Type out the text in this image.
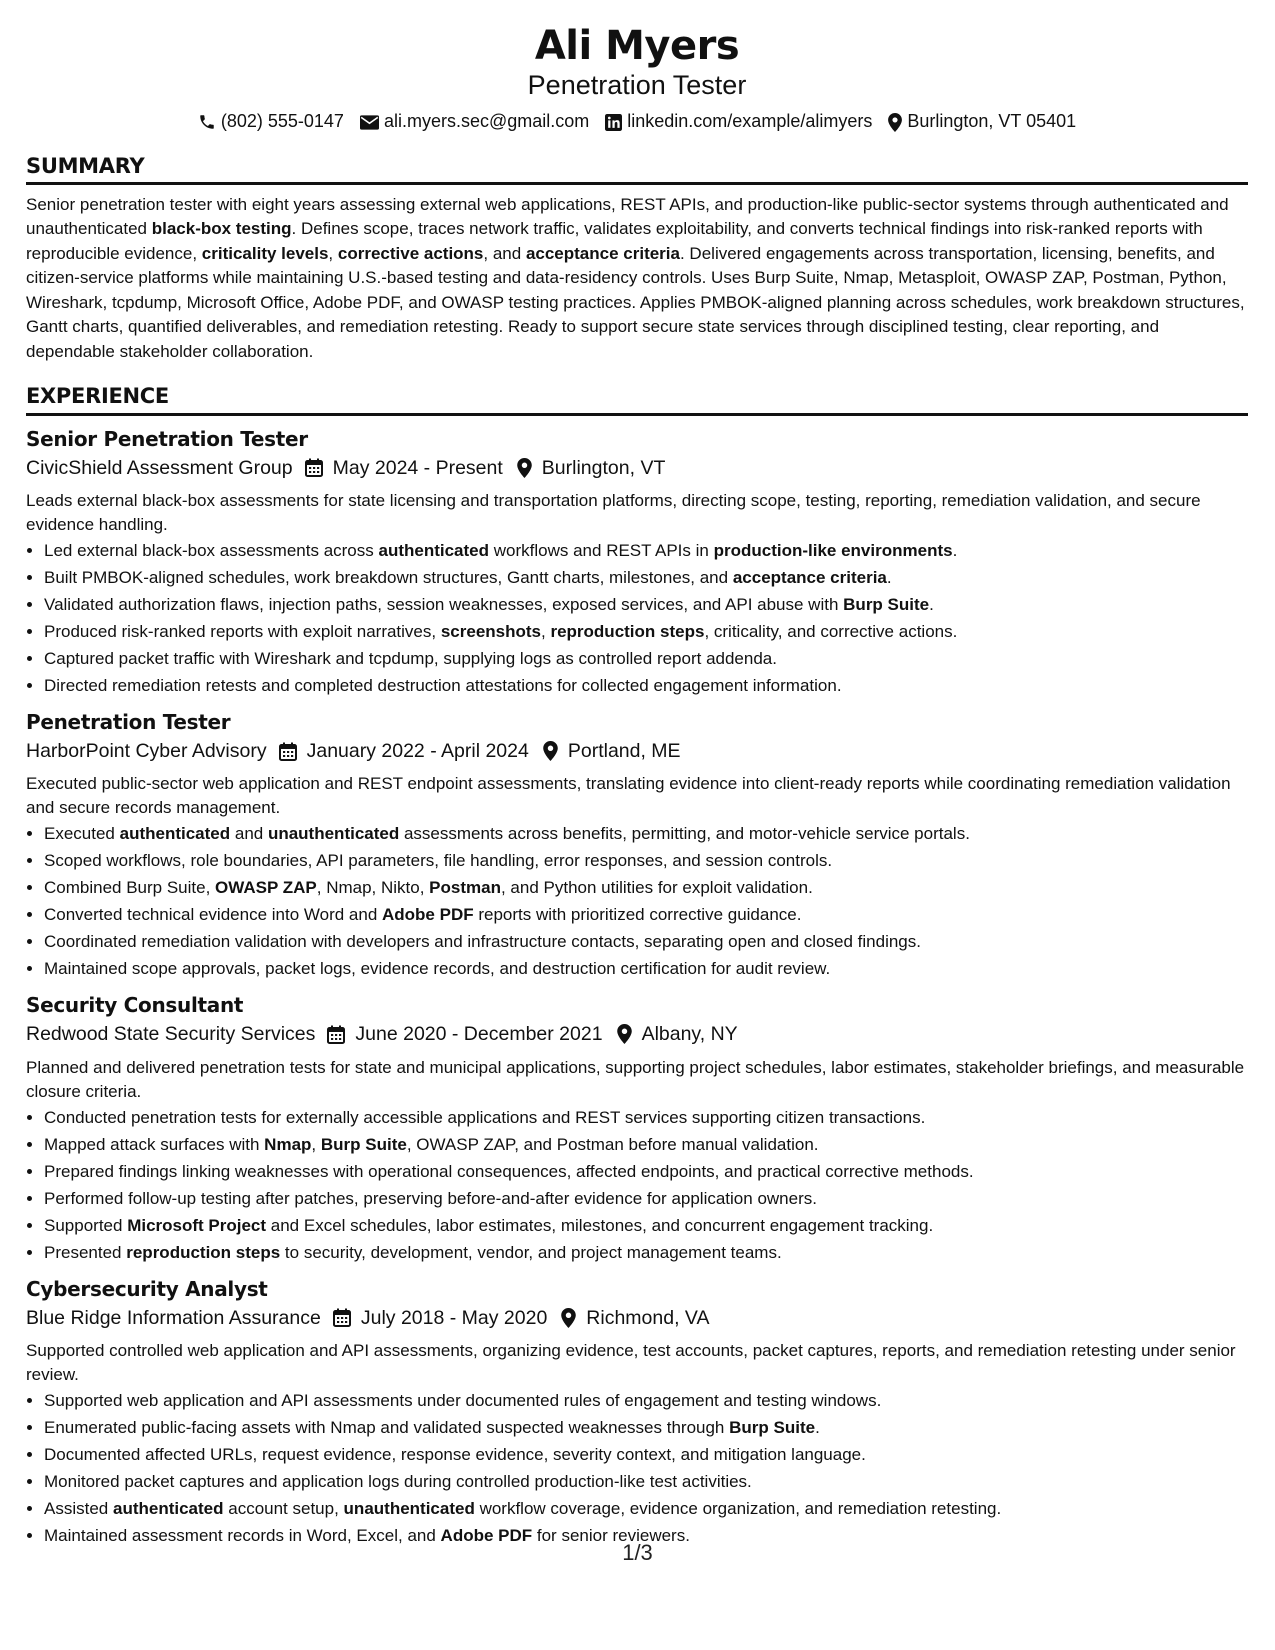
Ali Myers
Penetration Tester
(802) 555-0147 ali.myers.sec@gmail.com linkedin.com/example/alimyers Burlington, VT 05401
SUMMARY
Senior penetration tester with eight years assessing external web applications, REST APIs, and production-like public-sector systems through authenticated and unauthenticated black-box testing. Defines scope, traces network traffic, validates exploitability, and converts technical findings into risk-ranked reports with reproducible evidence, criticality levels, corrective actions, and acceptance criteria. Delivered engagements across transportation, licensing, benefits, and citizen-service platforms while maintaining U.S.-based testing and data-residency controls. Uses Burp Suite, Nmap, Metasploit, OWASP ZAP, Postman, Python, Wireshark, tcpdump, Microsoft Office, Adobe PDF, and OWASP testing practices. Applies PMBOK-aligned planning across schedules, work breakdown structures, Gantt charts, quantified deliverables, and remediation retesting. Ready to support secure state services through disciplined testing, clear reporting, and dependable stakeholder collaboration.
EXPERIENCE
Senior Penetration Tester
CivicShield Assessment Group May 2024 - Present Burlington, VT
Leads external black-box assessments for state licensing and transportation platforms, directing scope, testing, reporting, remediation validation, and secure evidence handling.
• Led external black-box assessments across authenticated workflows and REST APIs in production-like environments.
• Built PMBOK-aligned schedules, work breakdown structures, Gantt charts, milestones, and acceptance criteria.
• Validated authorization flaws, injection paths, session weaknesses, exposed services, and API abuse with Burp Suite.
• Produced risk-ranked reports with exploit narratives, screenshots, reproduction steps, criticality, and corrective actions.
• Captured packet traffic with Wireshark and tcpdump, supplying logs as controlled report addenda.
• Directed remediation retests and completed destruction attestations for collected engagement information.
Penetration Tester
HarborPoint Cyber Advisory January 2022 - April 2024 Portland, ME
Executed public-sector web application and REST endpoint assessments, translating evidence into client-ready reports while coordinating remediation validation and secure records management.
• Executed authenticated and unauthenticated assessments across benefits, permitting, and motor-vehicle service portals.
• Scoped workflows, role boundaries, API parameters, file handling, error responses, and session controls.
• Combined Burp Suite, OWASP ZAP, Nmap, Nikto, Postman, and Python utilities for exploit validation.
• Converted technical evidence into Word and Adobe PDF reports with prioritized corrective guidance.
• Coordinated remediation validation with developers and infrastructure contacts, separating open and closed findings.
• Maintained scope approvals, packet logs, evidence records, and destruction certification for audit review.
Security Consultant
Redwood State Security Services June 2020 - December 2021 Albany, NY
Planned and delivered penetration tests for state and municipal applications, supporting project schedules, labor estimates, stakeholder briefings, and measurable closure criteria.
• Conducted penetration tests for externally accessible applications and REST services supporting citizen transactions.
• Mapped attack surfaces with Nmap, Burp Suite, OWASP ZAP, and Postman before manual validation.
• Prepared findings linking weaknesses with operational consequences, affected endpoints, and practical corrective methods.
• Performed follow-up testing after patches, preserving before-and-after evidence for application owners.
• Supported Microsoft Project and Excel schedules, labor estimates, milestones, and concurrent engagement tracking.
• Presented reproduction steps to security, development, vendor, and project management teams.
Cybersecurity Analyst
Blue Ridge Information Assurance July 2018 - May 2020 Richmond, VA
Supported controlled web application and API assessments, organizing evidence, test accounts, packet captures, reports, and remediation retesting under senior review.
• Supported web application and API assessments under documented rules of engagement and testing windows.
• Enumerated public-facing assets with Nmap and validated suspected weaknesses through Burp Suite.
• Documented affected URLs, request evidence, response evidence, severity context, and mitigation language.
• Monitored packet captures and application logs during controlled production-like test activities.
• Assisted authenticated account setup, unauthenticated workflow coverage, evidence organization, and remediation retesting.
• Maintained assessment records in Word, Excel, and Adobe PDF for senior reviewers.
1/3
